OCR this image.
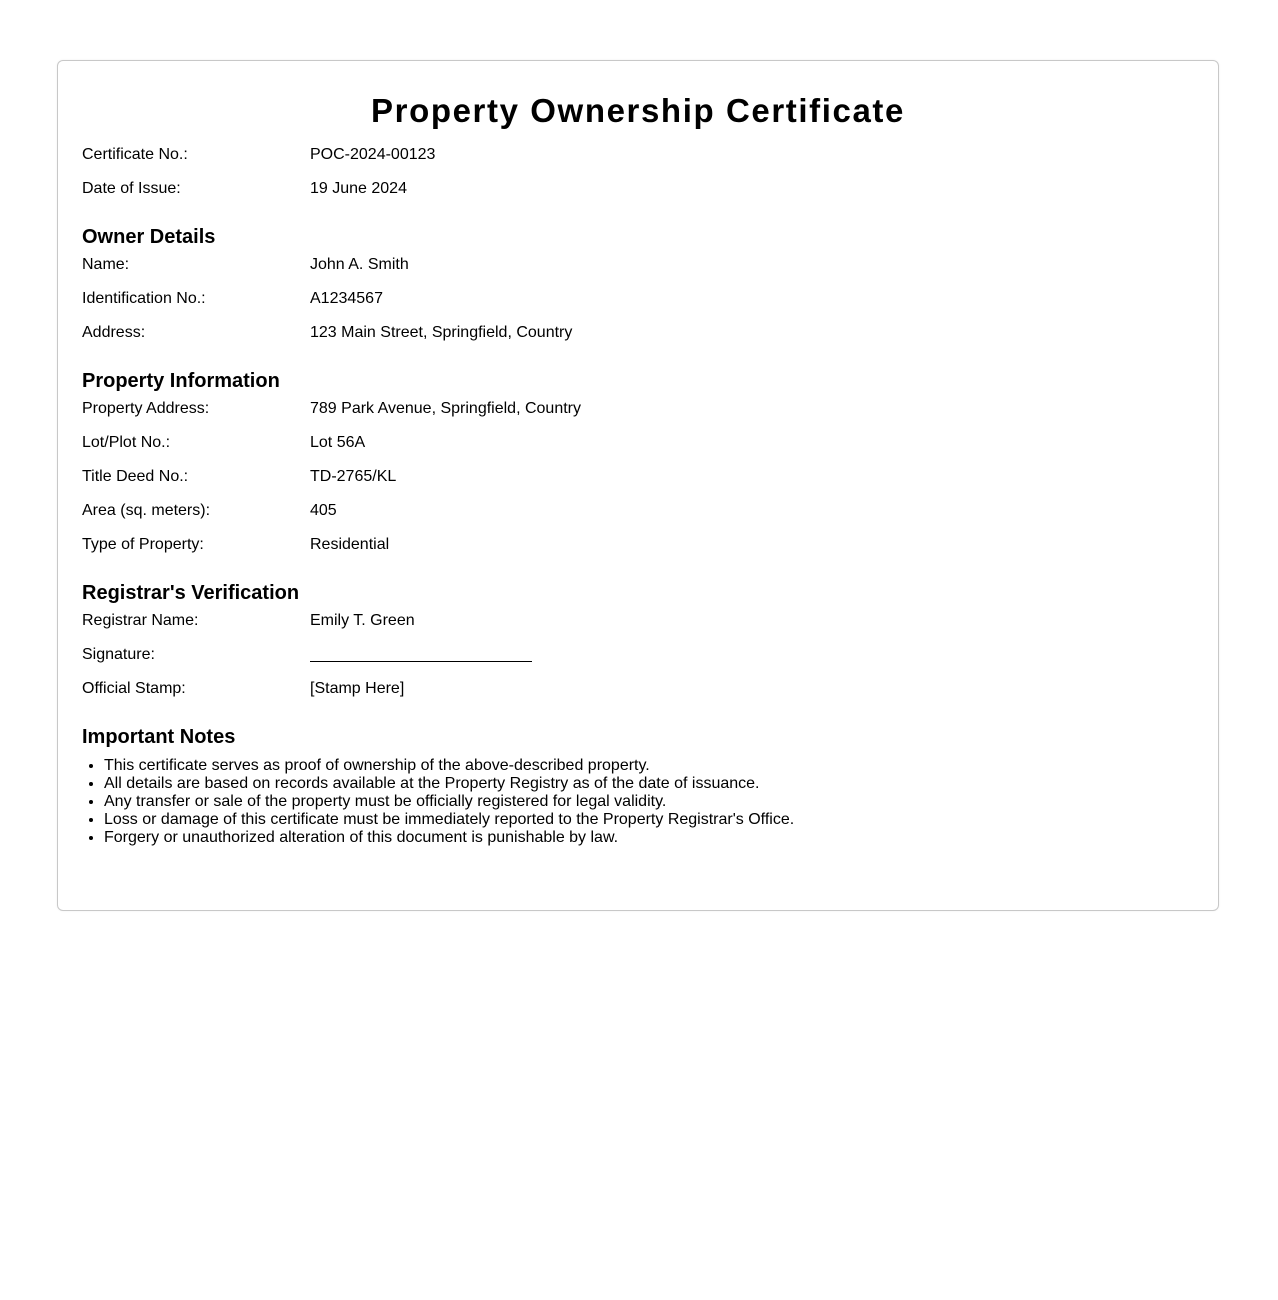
Property Ownership Certificate
Certificate No.:	POC-2024-00123
Date of Issue:	19 June 2024
Owner Details
Name:	John A. Smith
Identification No.:	A1234567
Address:	123 Main Street, Springfield, Country
Property Information
Property Address:	789 Park Avenue, Springfield, Country
Lot/Plot No.:	Lot 56A
Title Deed No.:	TD-2765/KL
Area (sq. meters):	405
Type of Property:	Residential
Registrar's Verification
Registrar Name:	Emily T. Green
Signature:
Official Stamp:	[Stamp Here]
Important Notes
• This certificate serves as proof of ownership of the above-described property.
• All details are based on records available at the Property Registry as of the date of issuance.
• Any transfer or sale of the property must be officially registered for legal validity.
• Loss or damage of this certificate must be immediately reported to the Property Registrar's Office.
• Forgery or unauthorized alteration of this document is punishable by law.
